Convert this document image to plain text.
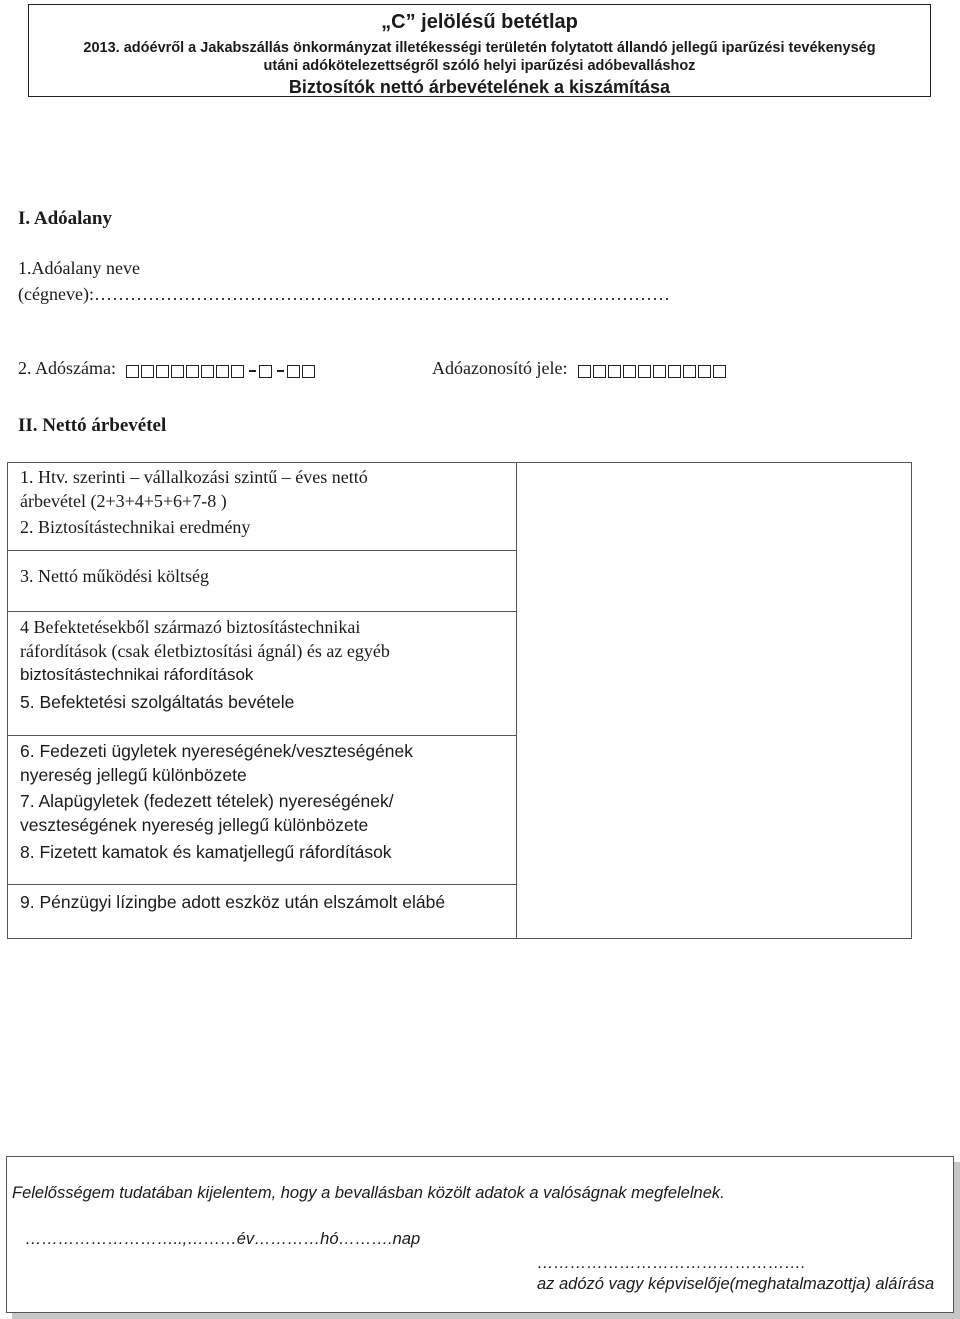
„C” jelölésű betétlap
2013. adóévről a Jakabszállás önkormányzat illetékességi területén folytatott állandó jellegű iparűzési tevékenység
utáni adókötelezettségről szóló helyi iparűzési adóbevalláshoz
Biztosítók nettó árbevételének a kiszámítása
I. Adóalany
1.Adóalany neve
(cégneve):……………………………………………………………………………………
2. Adószáma:	Adóazonosító jele:
II. Nettó árbevétel
1. Htv. szerinti – vállalkozási szintű – éves nettó
árbevétel (2+3+4+5+6+7-8 )
2. Biztosítástechnikai eredmény
3. Nettó működési költség
4 Befektetésekből származó biztosítástechnikai
ráfordítások (csak életbiztosítási ágnál) és az egyéb
biztosítástechnikai ráfordítások
5. Befektetési szolgáltatás bevétele
6. Fedezeti ügyletek nyereségének/veszteségének
nyereség jellegű különbözete
7. Alapügyletek (fedezett tételek) nyereségének/
veszteségének nyereség jellegű különbözete
8. Fizetett kamatok és kamatjellegű ráfordítások
9. Pénzügyi lízingbe adott eszköz után elszámolt elábé
Felelősségem tudatában kijelentem, hogy a bevallásban közölt adatok a valóságnak megfelelnek.
………………………..,………év…………hó……….nap
………………………………………….
az adózó vagy képviselője(meghatalmazottja) aláírása
